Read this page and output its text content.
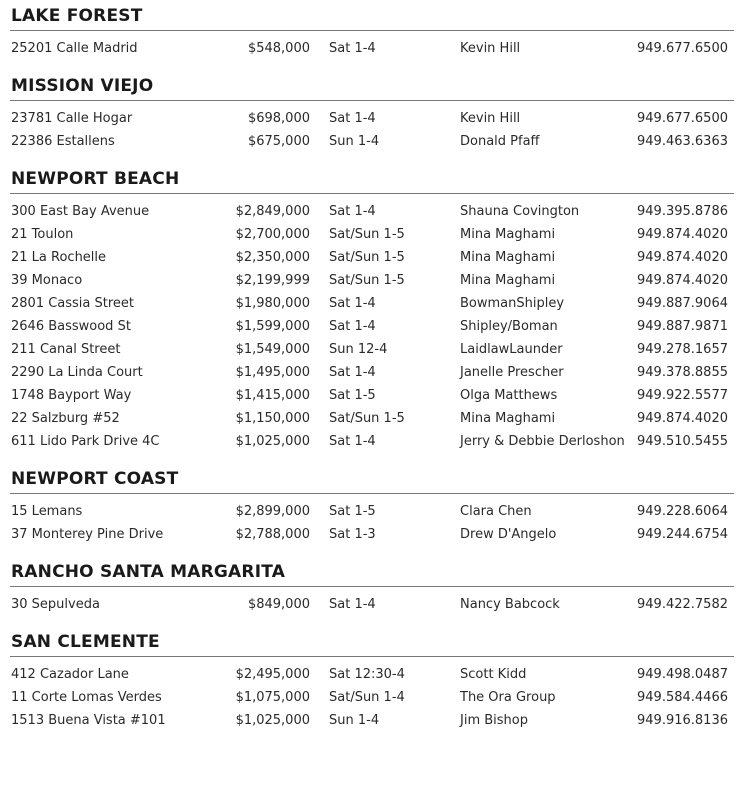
LAKE FOREST
25201 Calle Madrid	$548,000 Sat 1-4	Kevin Hill	949.677.6500
MISSION VIEJO
23781 Calle Hogar	$698,000 Sat 1-4	Kevin Hill	949.677.6500
22386 Estallens	$675,000 Sun 1-4	Donald Pfaff	949.463.6363
NEWPORT BEACH
300 East Bay Avenue	$2,849,000 Sat 1-4	Shauna Covington	949.395.8786
21 Toulon	$2,700,000 Sat/Sun 1-5	Mina Maghami	949.874.4020
21 La Rochelle	$2,350,000 Sat/Sun 1-5	Mina Maghami	949.874.4020
39 Monaco	$2,199,999 Sat/Sun 1-5	Mina Maghami	949.874.4020
2801 Cassia Street	$1,980,000 Sat 1-4	BowmanShipley	949.887.9064
2646 Basswood St	$1,599,000 Sat 1-4	Shipley/Boman	949.887.9871
211 Canal Street	$1,549,000 Sun 12-4	LaidlawLaunder	949.278.1657
2290 La Linda Court	$1,495,000 Sat 1-4	Janelle Prescher	949.378.8855
1748 Bayport Way	$1,415,000 Sat 1-5	Olga Matthews	949.922.5577
22 Salzburg #52	$1,150,000 Sat/Sun 1-5	Mina Maghami	949.874.4020
611 Lido Park Drive 4C	$1,025,000 Sat 1-4	Jerry & Debbie Derloshon 949.510.5455
NEWPORT COAST
15 Lemans	$2,899,000 Sat 1-5	Clara Chen	949.228.6064
37 Monterey Pine Drive	$2,788,000 Sat 1-3	Drew D'Angelo	949.244.6754
RANCHO SANTA MARGARITA
30 Sepulveda	$849,000 Sat 1-4	Nancy Babcock	949.422.7582
SAN CLEMENTE
412 Cazador Lane	$2,495,000 Sat 12:30-4	Scott Kidd	949.498.0487
11 Corte Lomas Verdes	$1,075,000 Sat/Sun 1-4	The Ora Group	949.584.4466
1513 Buena Vista #101	$1,025,000 Sun 1-4	Jim Bishop	949.916.8136
